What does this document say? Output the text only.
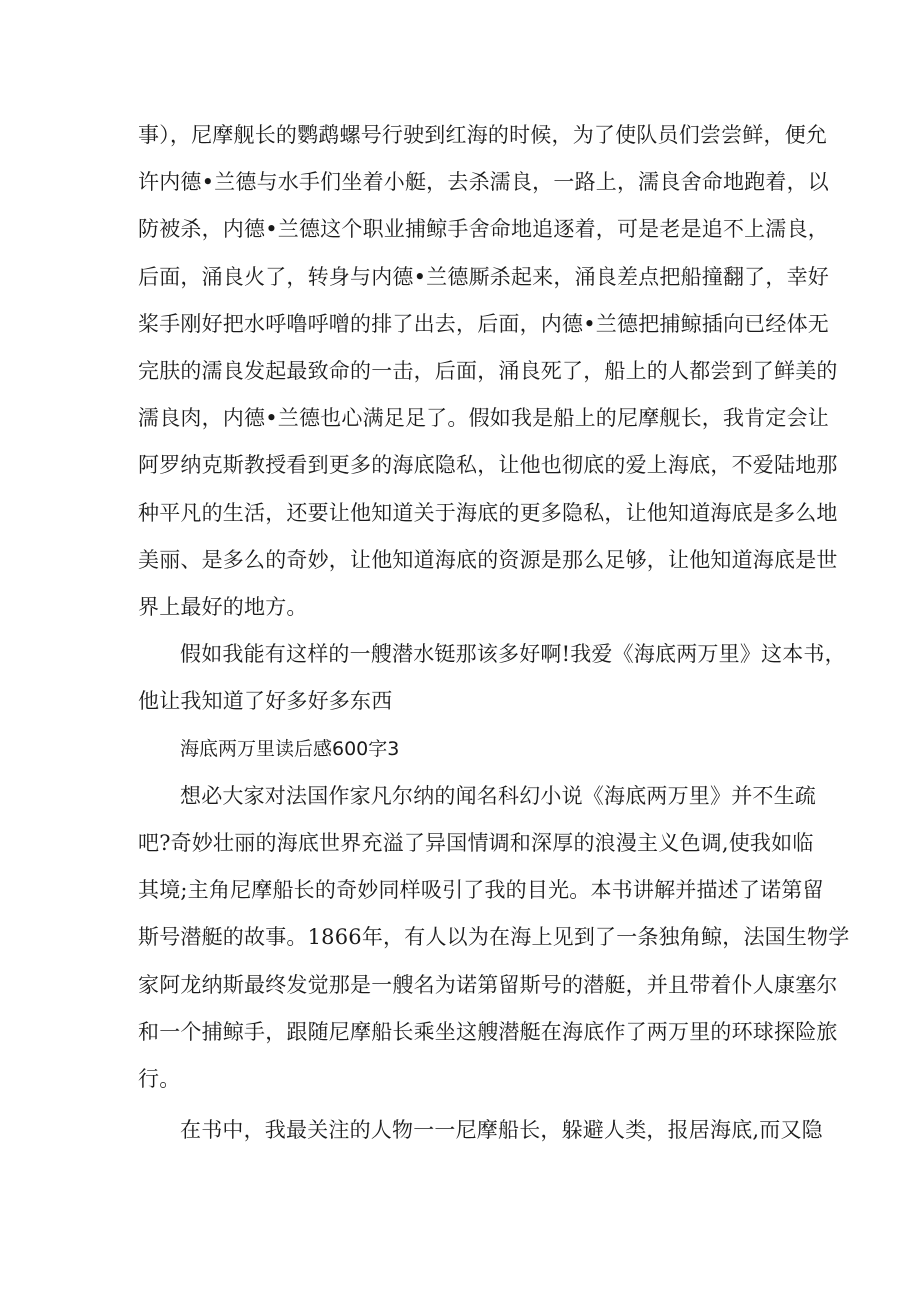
事），尼摩舰长的鹦鹉螺号行驶到红海的时候，为了使队员们尝尝鲜，便允
许内德•兰德与水手们坐着小艇，去杀濡良，一路上，濡良舍命地跑着，以
防被杀，内德•兰德这个职业捕鲸手舍命地追逐着，可是老是追不上濡良，
后面，涌良火了，转身与内德•兰德厮杀起来，涌良差点把船撞翻了，幸好
桨手刚好把水呼噜呼噌的排了出去，后面，内德•兰德把捕鲸插向已经体无
完肤的濡良发起最致命的一击，后面，涌良死了，船上的人都尝到了鲜美的
濡良肉，内德•兰德也心满足足了。假如我是船上的尼摩舰长，我肯定会让
阿罗纳克斯教授看到更多的海底隐私，让他也彻底的爱上海底，不爱陆地那
种平凡的生活，还要让他知道关于海底的更多隐私，让他知道海底是多么地
美丽、是多么的奇妙，让他知道海底的资源是那么足够，让他知道海底是世
界上最好的地方。

假如我能有这样的一艘潜水铤那该多好啊!我爱《海底两万里》这本书，
他让我知道了好多好多东西

海底两万里读后感600字3

想必大家对法国作家凡尔纳的闻名科幻小说《海底两万里》并不生疏
吧?奇妙壮丽的海底世界充溢了异国情调和深厚的浪漫主义色调,使我如临
其境;主角尼摩船长的奇妙同样吸引了我的目光。本书讲解并描述了诺第留
斯号潜艇的故事。1866年，有人以为在海上见到了一条独角鲸，法国生物学
家阿龙纳斯最终发觉那是一艘名为诺第留斯号的潜艇，并且带着仆人康塞尔
和一个捕鲸手，跟随尼摩船长乘坐这艘潜艇在海底作了两万里的环球探险旅
行。

在书中，我最关注的人物一一尼摩船长，躲避人类，报居海底,而又隐
